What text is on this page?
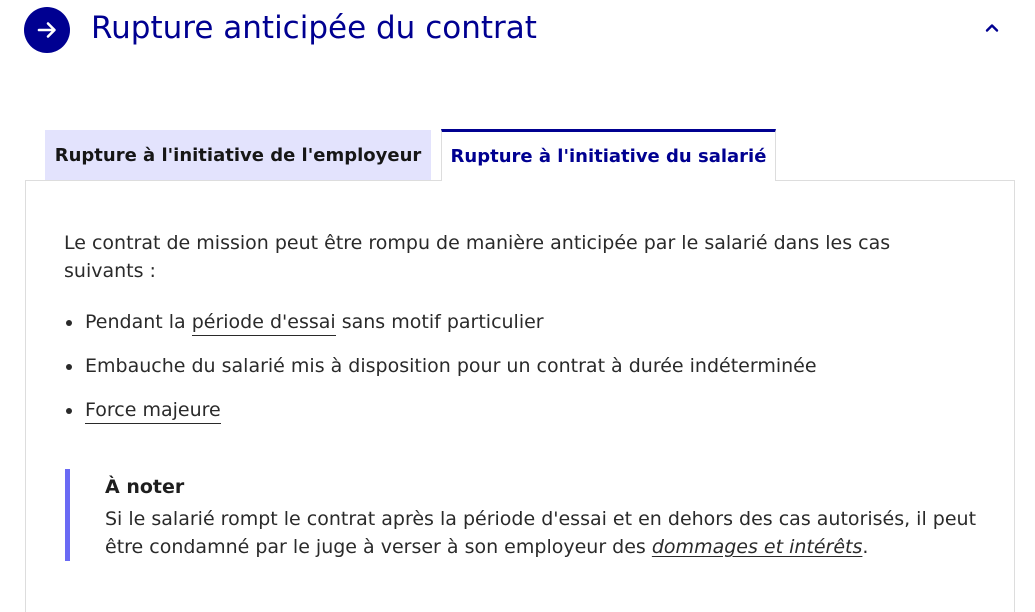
Rupture anticipée du contrat
Rupture à l'initiative de l'employeur Rupture à l'initiative du salarié

Le contrat de mission peut être rompu de manière anticipée par le salarié dans les cas suivants :

Pendant la période d'essai sans motif particulier
Embauche du salarié mis à disposition pour un contrat à durée indéterminée
Force majeure
À noter

Si le salarié rompt le contrat après la période d'essai et en dehors des cas autorisés, il peut être condamné par le juge à verser à son employeur des dommages et intérêts.
